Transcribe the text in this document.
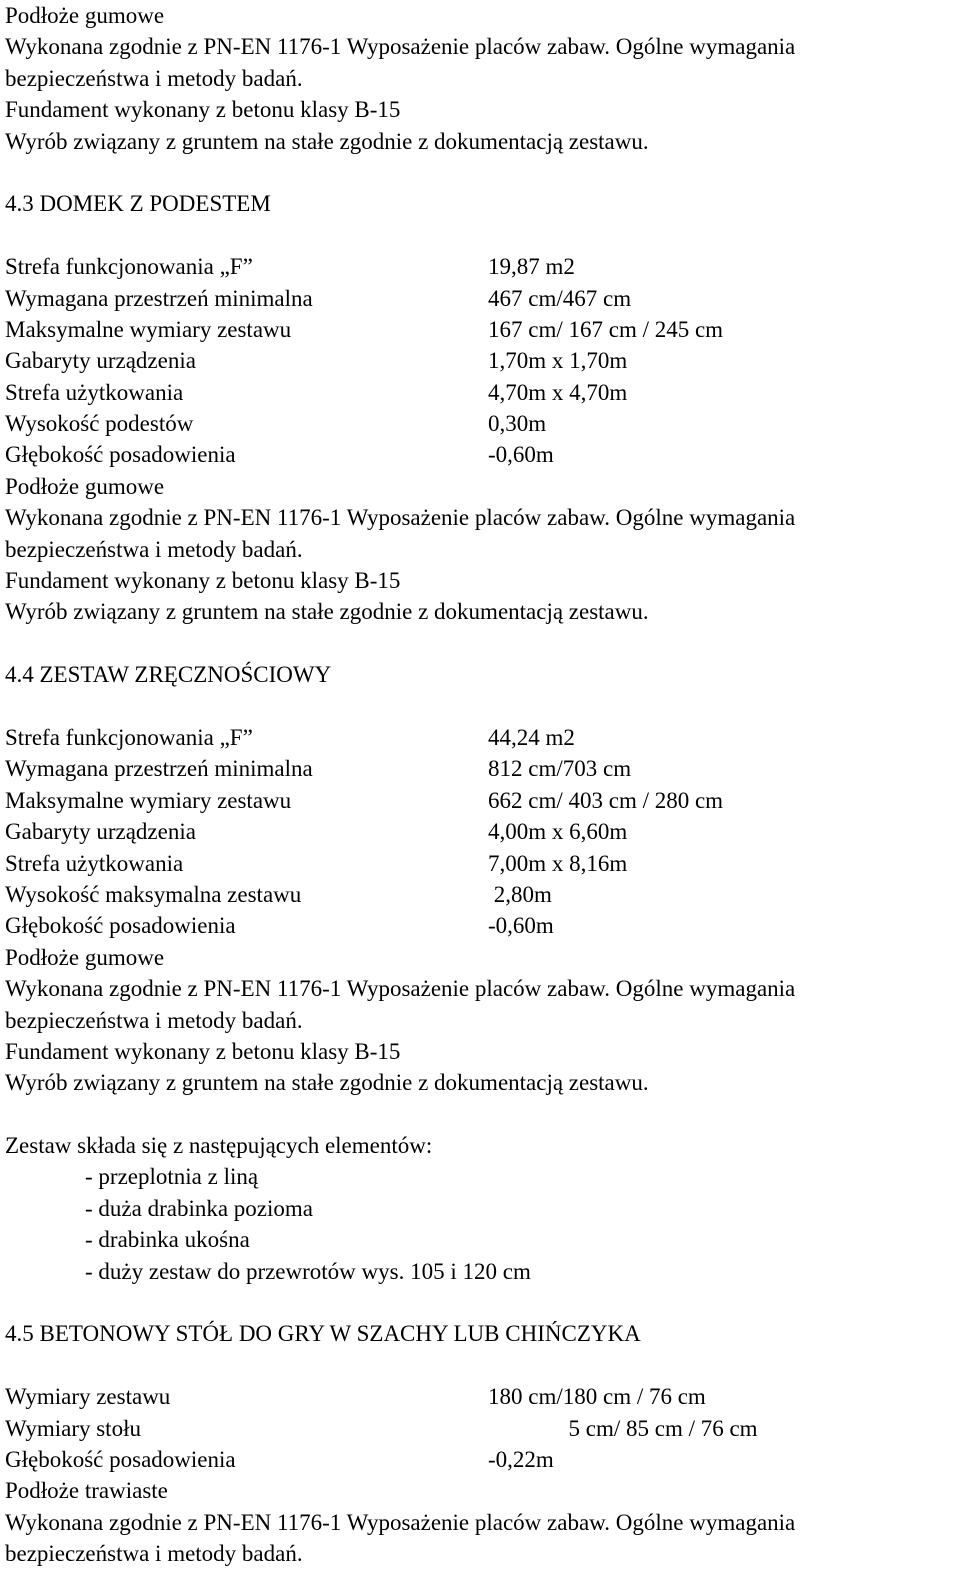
Podłoże gumowe
Wykonana zgodnie z PN-EN 1176-1 Wyposażenie placów zabaw. Ogólne wymagania
bezpieczeństwa i metody badań.
Fundament wykonany z betonu klasy B-15
Wyrób związany z gruntem na stałe zgodnie z dokumentacją zestawu.
4.3 DOMEK Z PODESTEM
Strefa funkcjonowania „F”	19,87 m2
Wymagana przestrzeń minimalna	467 cm/467 cm
Maksymalne wymiary zestawu	167 cm/ 167 cm / 245 cm
Gabaryty urządzenia	1,70m x 1,70m
Strefa użytkowania	4,70m x 4,70m
Wysokość podestów	0,30m
Głębokość posadowienia	-0,60m
Podłoże gumowe
Wykonana zgodnie z PN-EN 1176-1 Wyposażenie placów zabaw. Ogólne wymagania
bezpieczeństwa i metody badań.
Fundament wykonany z betonu klasy B-15
Wyrób związany z gruntem na stałe zgodnie z dokumentacją zestawu.
4.4 ZESTAW ZRĘCZNOŚCIOWY
Strefa funkcjonowania „F”	44,24 m2
Wymagana przestrzeń minimalna	812 cm/703 cm
Maksymalne wymiary zestawu	662 cm/ 403 cm / 280 cm
Gabaryty urządzenia	4,00m x 6,60m
Strefa użytkowania	7,00m x 8,16m
Wysokość maksymalna zestawu	2,80m
Głębokość posadowienia	-0,60m
Podłoże gumowe
Wykonana zgodnie z PN-EN 1176-1 Wyposażenie placów zabaw. Ogólne wymagania
bezpieczeństwa i metody badań.
Fundament wykonany z betonu klasy B-15
Wyrób związany z gruntem na stałe zgodnie z dokumentacją zestawu.
Zestaw składa się z następujących elementów:
- przeplotnia z liną
- duża drabinka pozioma
- drabinka ukośna
- duży zestaw do przewrotów wys. 105 i 120 cm
4.5 BETONOWY STÓŁ DO GRY W SZACHY LUB CHIŃCZYKA
Wymiary zestawu	180 cm/180 cm / 76 cm
Wymiary stołu	5 cm/ 85 cm / 76 cm
Głębokość posadowienia	-0,22m
Podłoże trawiaste
Wykonana zgodnie z PN-EN 1176-1 Wyposażenie placów zabaw. Ogólne wymagania
bezpieczeństwa i metody badań.
